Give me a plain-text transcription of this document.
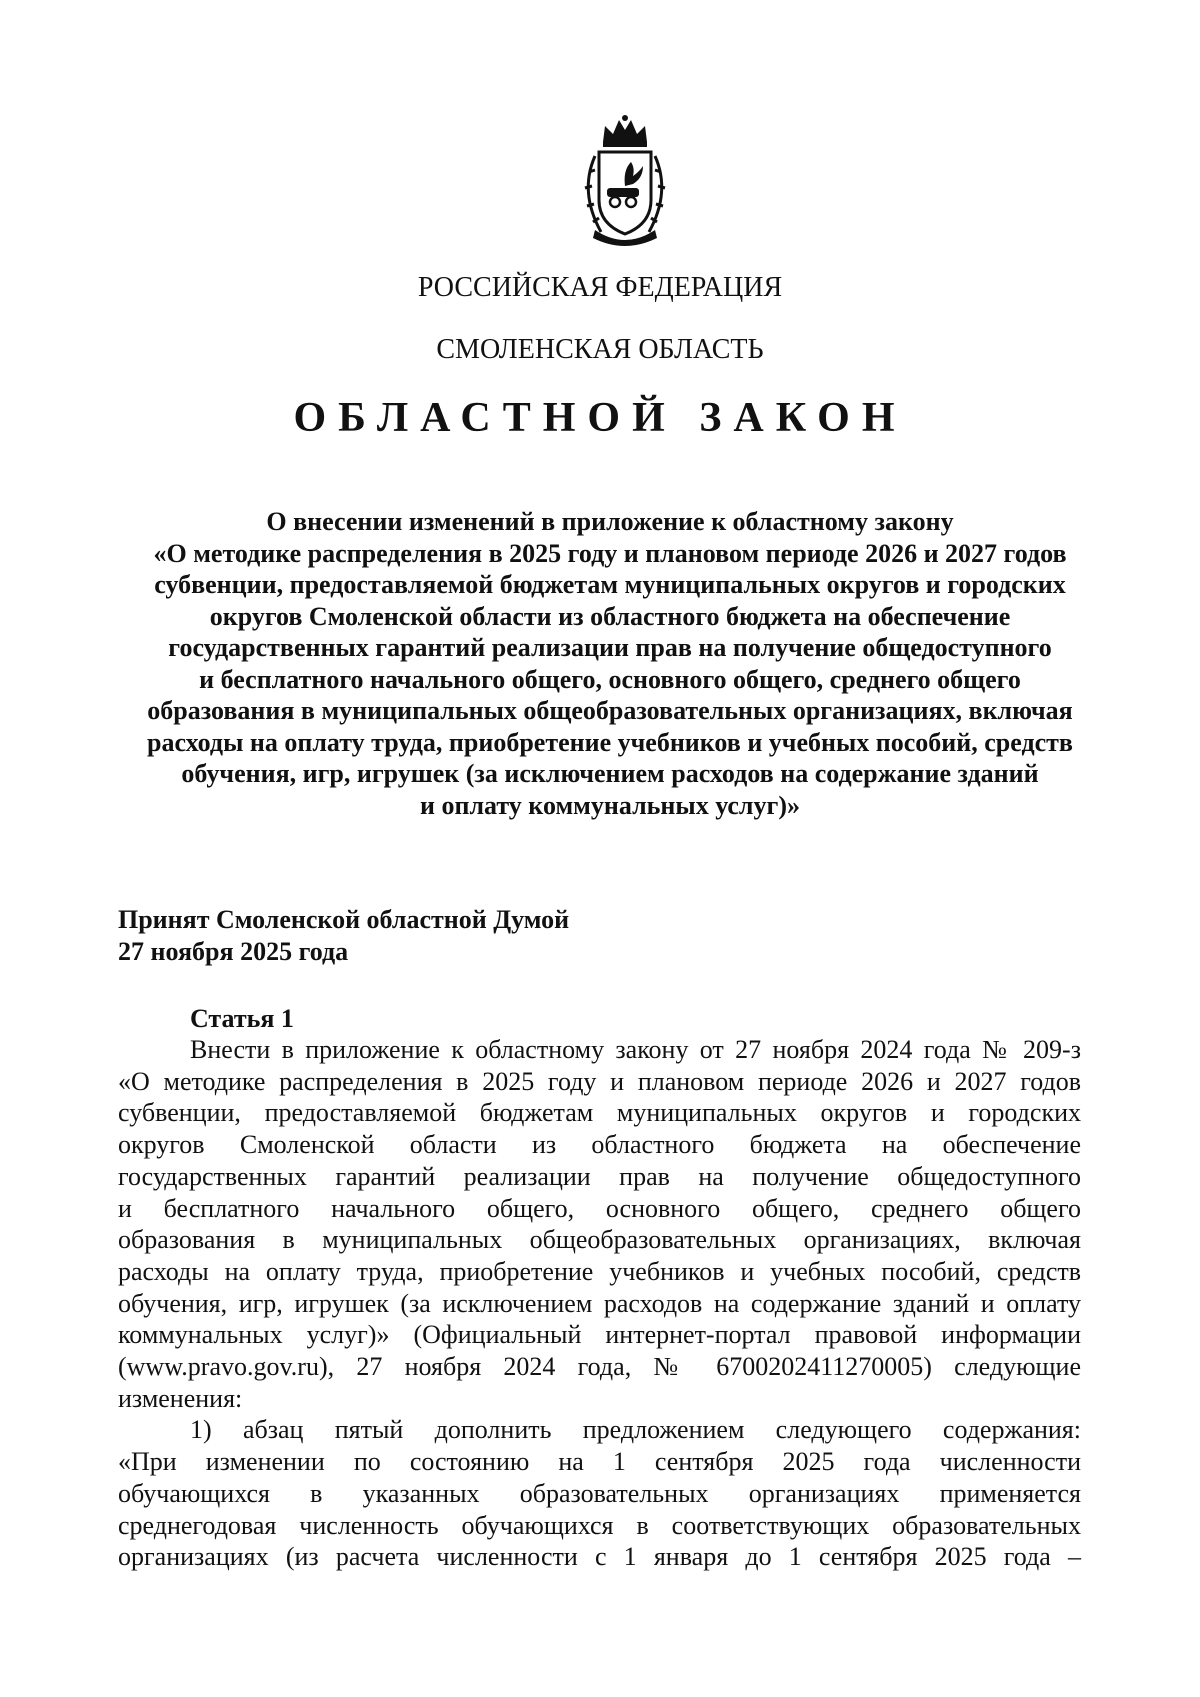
РОССИЙСКАЯ ФЕДЕРАЦИЯ
СМОЛЕНСКАЯ ОБЛАСТЬ
ОБЛАСТНОЙ ЗАКОН
О внесении изменений в приложение к областному закону
«О методике распределения в 2025 году и плановом периоде 2026 и 2027 годов
субвенции, предоставляемой бюджетам муниципальных округов и городских
округов Смоленской области из областного бюджета на обеспечение
государственных гарантий реализации прав на получение общедоступного
и бесплатного начального общего, основного общего, среднего общего
образования в муниципальных общеобразовательных организациях, включая
расходы на оплату труда, приобретение учебников и учебных пособий, средств
обучения, игр, игрушек (за исключением расходов на содержание зданий
и оплату коммунальных услуг)»
Принят Смоленской областной Думой
27 ноября 2025 года
Статья 1
Внести в приложение к областному закону от 27 ноября 2024 года № 209-з
«О методике распределения в 2025 году и плановом периоде 2026 и 2027 годов
субвенции, предоставляемой бюджетам муниципальных округов и городских
округов Смоленской области из областного бюджета на обеспечение
государственных гарантий реализации прав на получение общедоступного
и бесплатного начального общего, основного общего, среднего общего
образования в муниципальных общеобразовательных организациях, включая
расходы на оплату труда, приобретение учебников и учебных пособий, средств
обучения, игр, игрушек (за исключением расходов на содержание зданий и оплату
коммунальных услуг)» (Официальный интернет-портал правовой информации
(www.pravo.gov.ru), 27 ноября 2024 года, № 6700202411270005) следующие
изменения:
1) абзац пятый дополнить предложением следующего содержания:
«При изменении по состоянию на 1 сентября 2025 года численности
обучающихся в указанных образовательных организациях применяется
среднегодовая численность обучающихся в соответствующих образовательных
организациях (из расчета численности с 1 января до 1 сентября 2025 года –
